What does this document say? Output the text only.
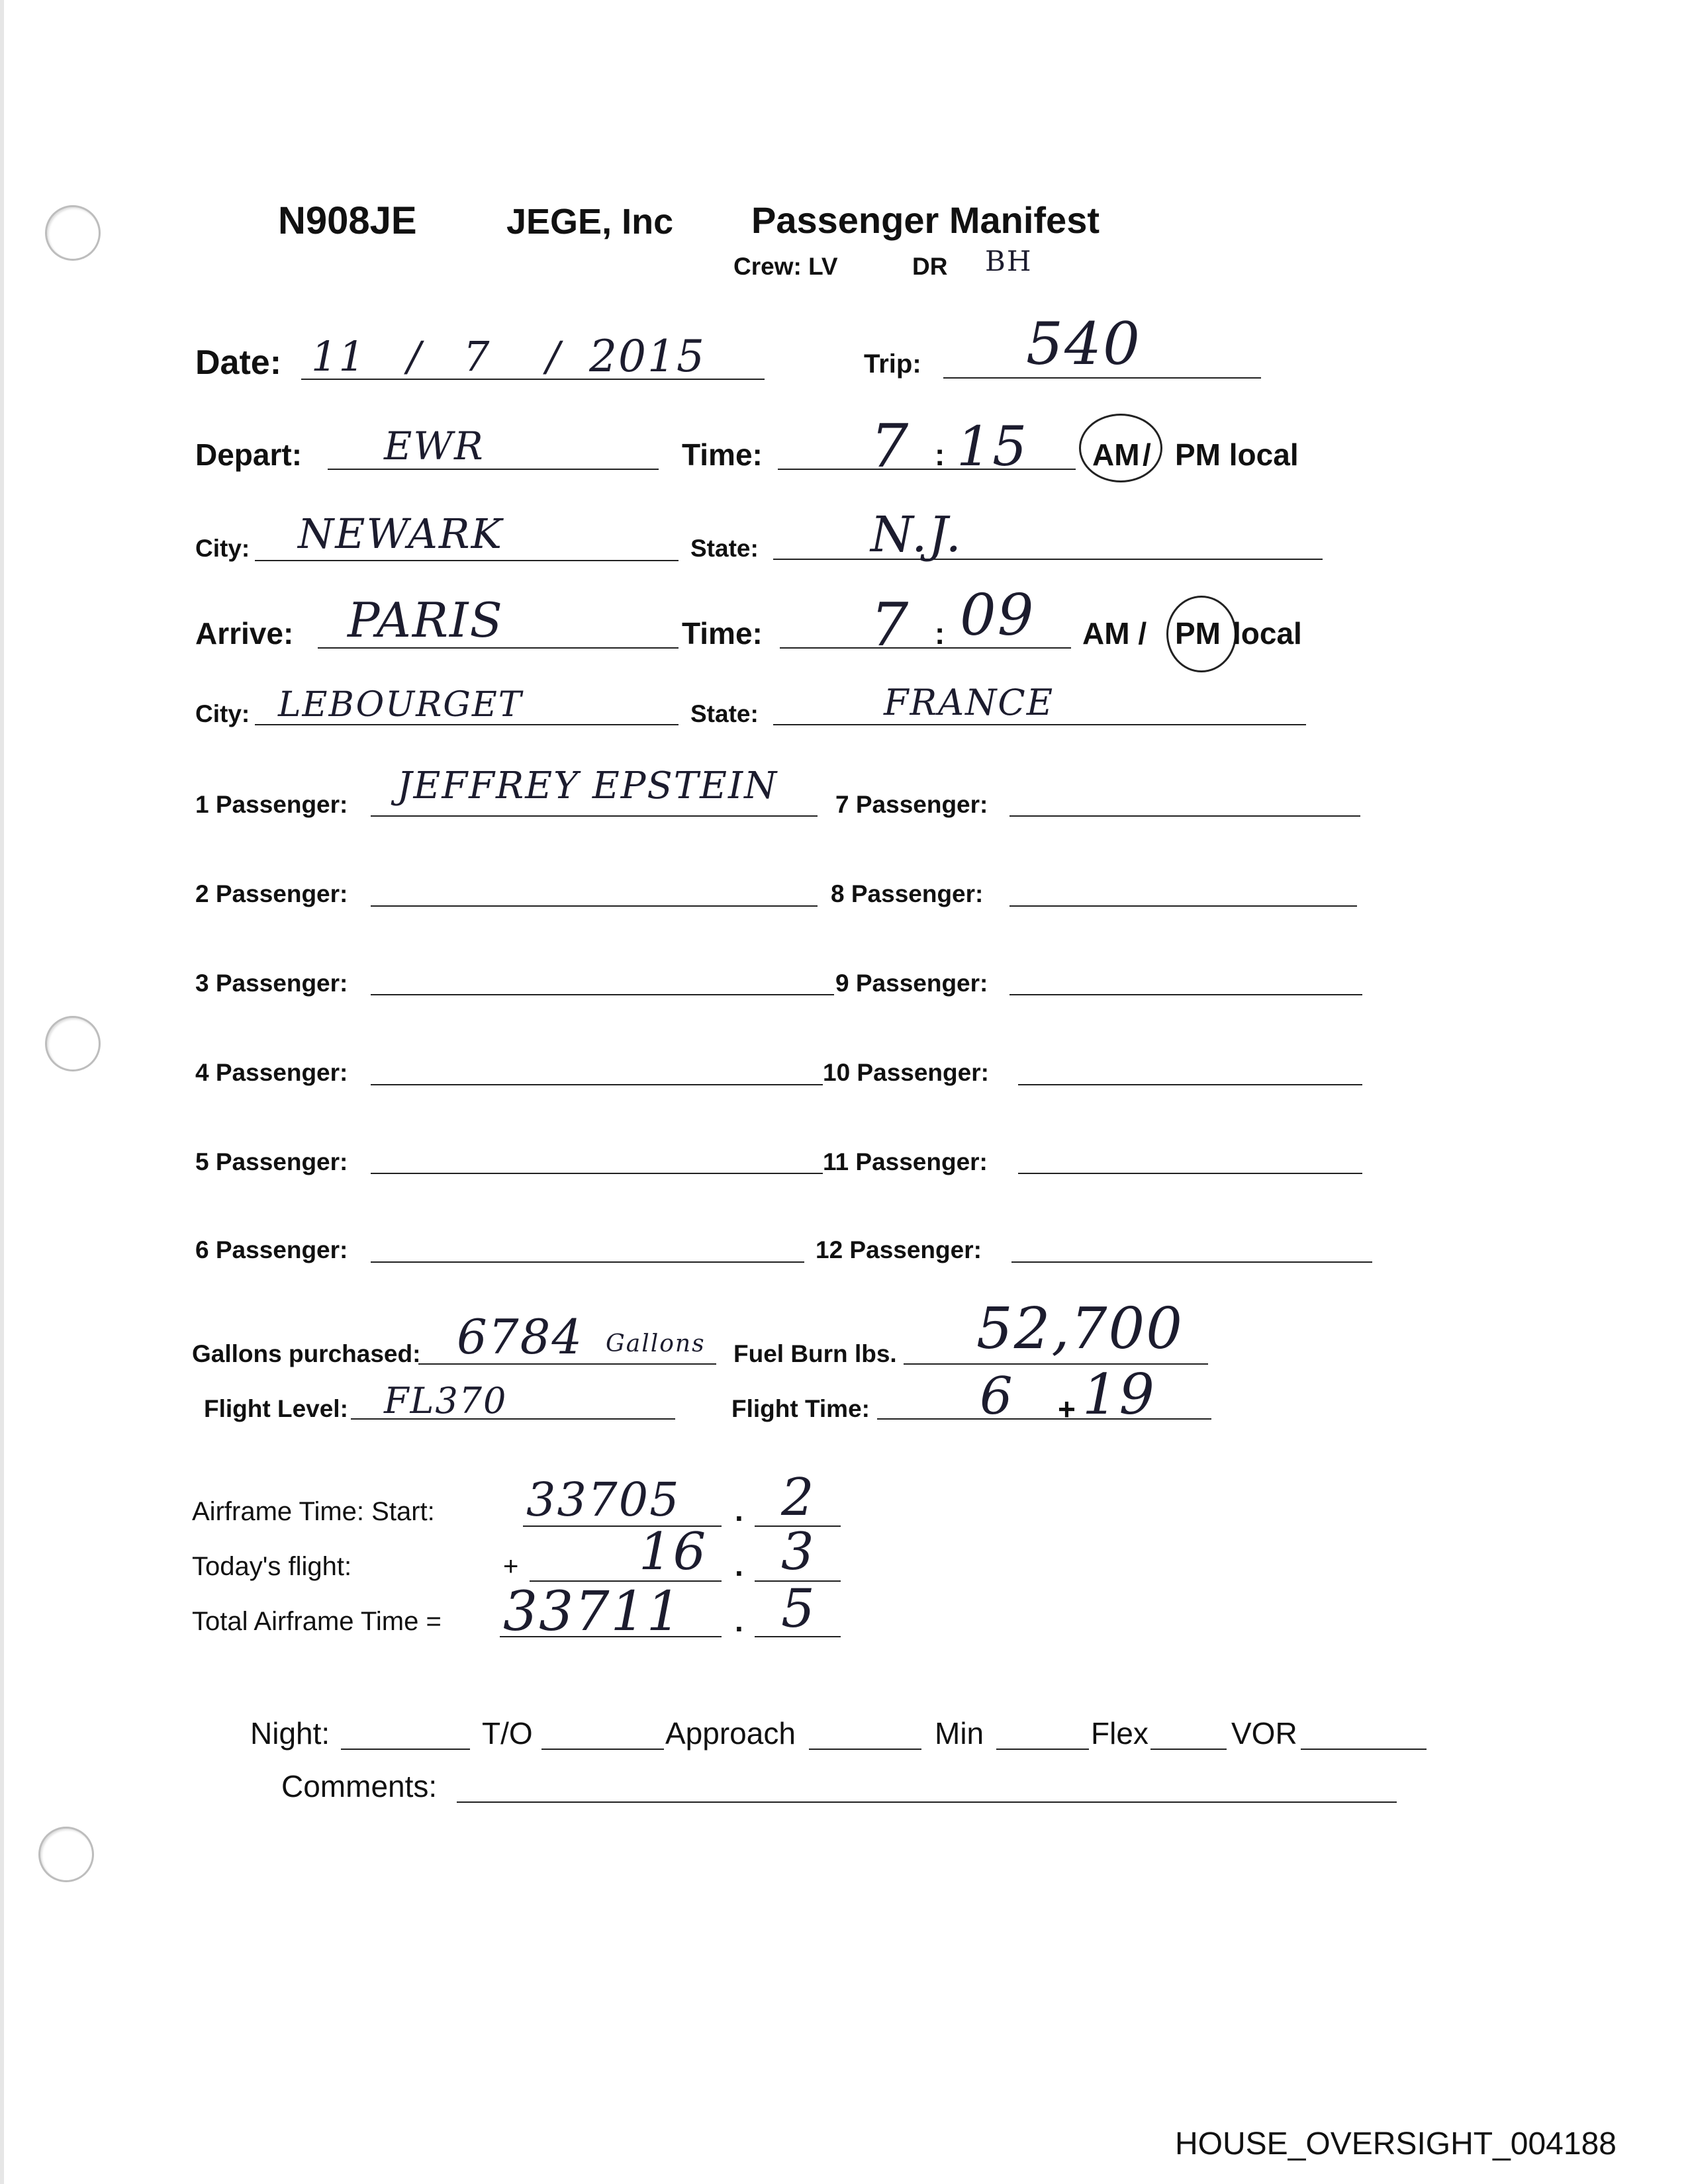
N908JE	JEGE, Inc Passenger Manifest
Crew: LV	DR BH
Date: 11 / 7 / 2015	Trip: 540
Depart: EWR	Time: 7 : 15 AM / PM local
City: NEWARK	State: N.J.
Arrive: PARIS	Time: 7 : 09 AM / PM local
City: LEBOURGET	State:	FRANCE
1 Passenger: JEFFREY EPSTEIN 7 Passenger:
2 Passenger:	8 Passenger:
3 Passenger:	9 Passenger:
4 Passenger:	10 Passenger:
5 Passenger:	11 Passenger:
6 Passenger:	12 Passenger:
Gallons purchased: 6784 Gallons Fuel Burn lbs. 52,700
Flight Level: FL370	Flight Time: 6 + 19
Airframe Time: Start: 33705 . 2
Today's flight:	+ 16 . 3
Total Airframe Time = 33711 . 5
Night:	T/O	Approach	Min	Flex	VOR
Comments:
HOUSE_OVERSIGHT_004188
